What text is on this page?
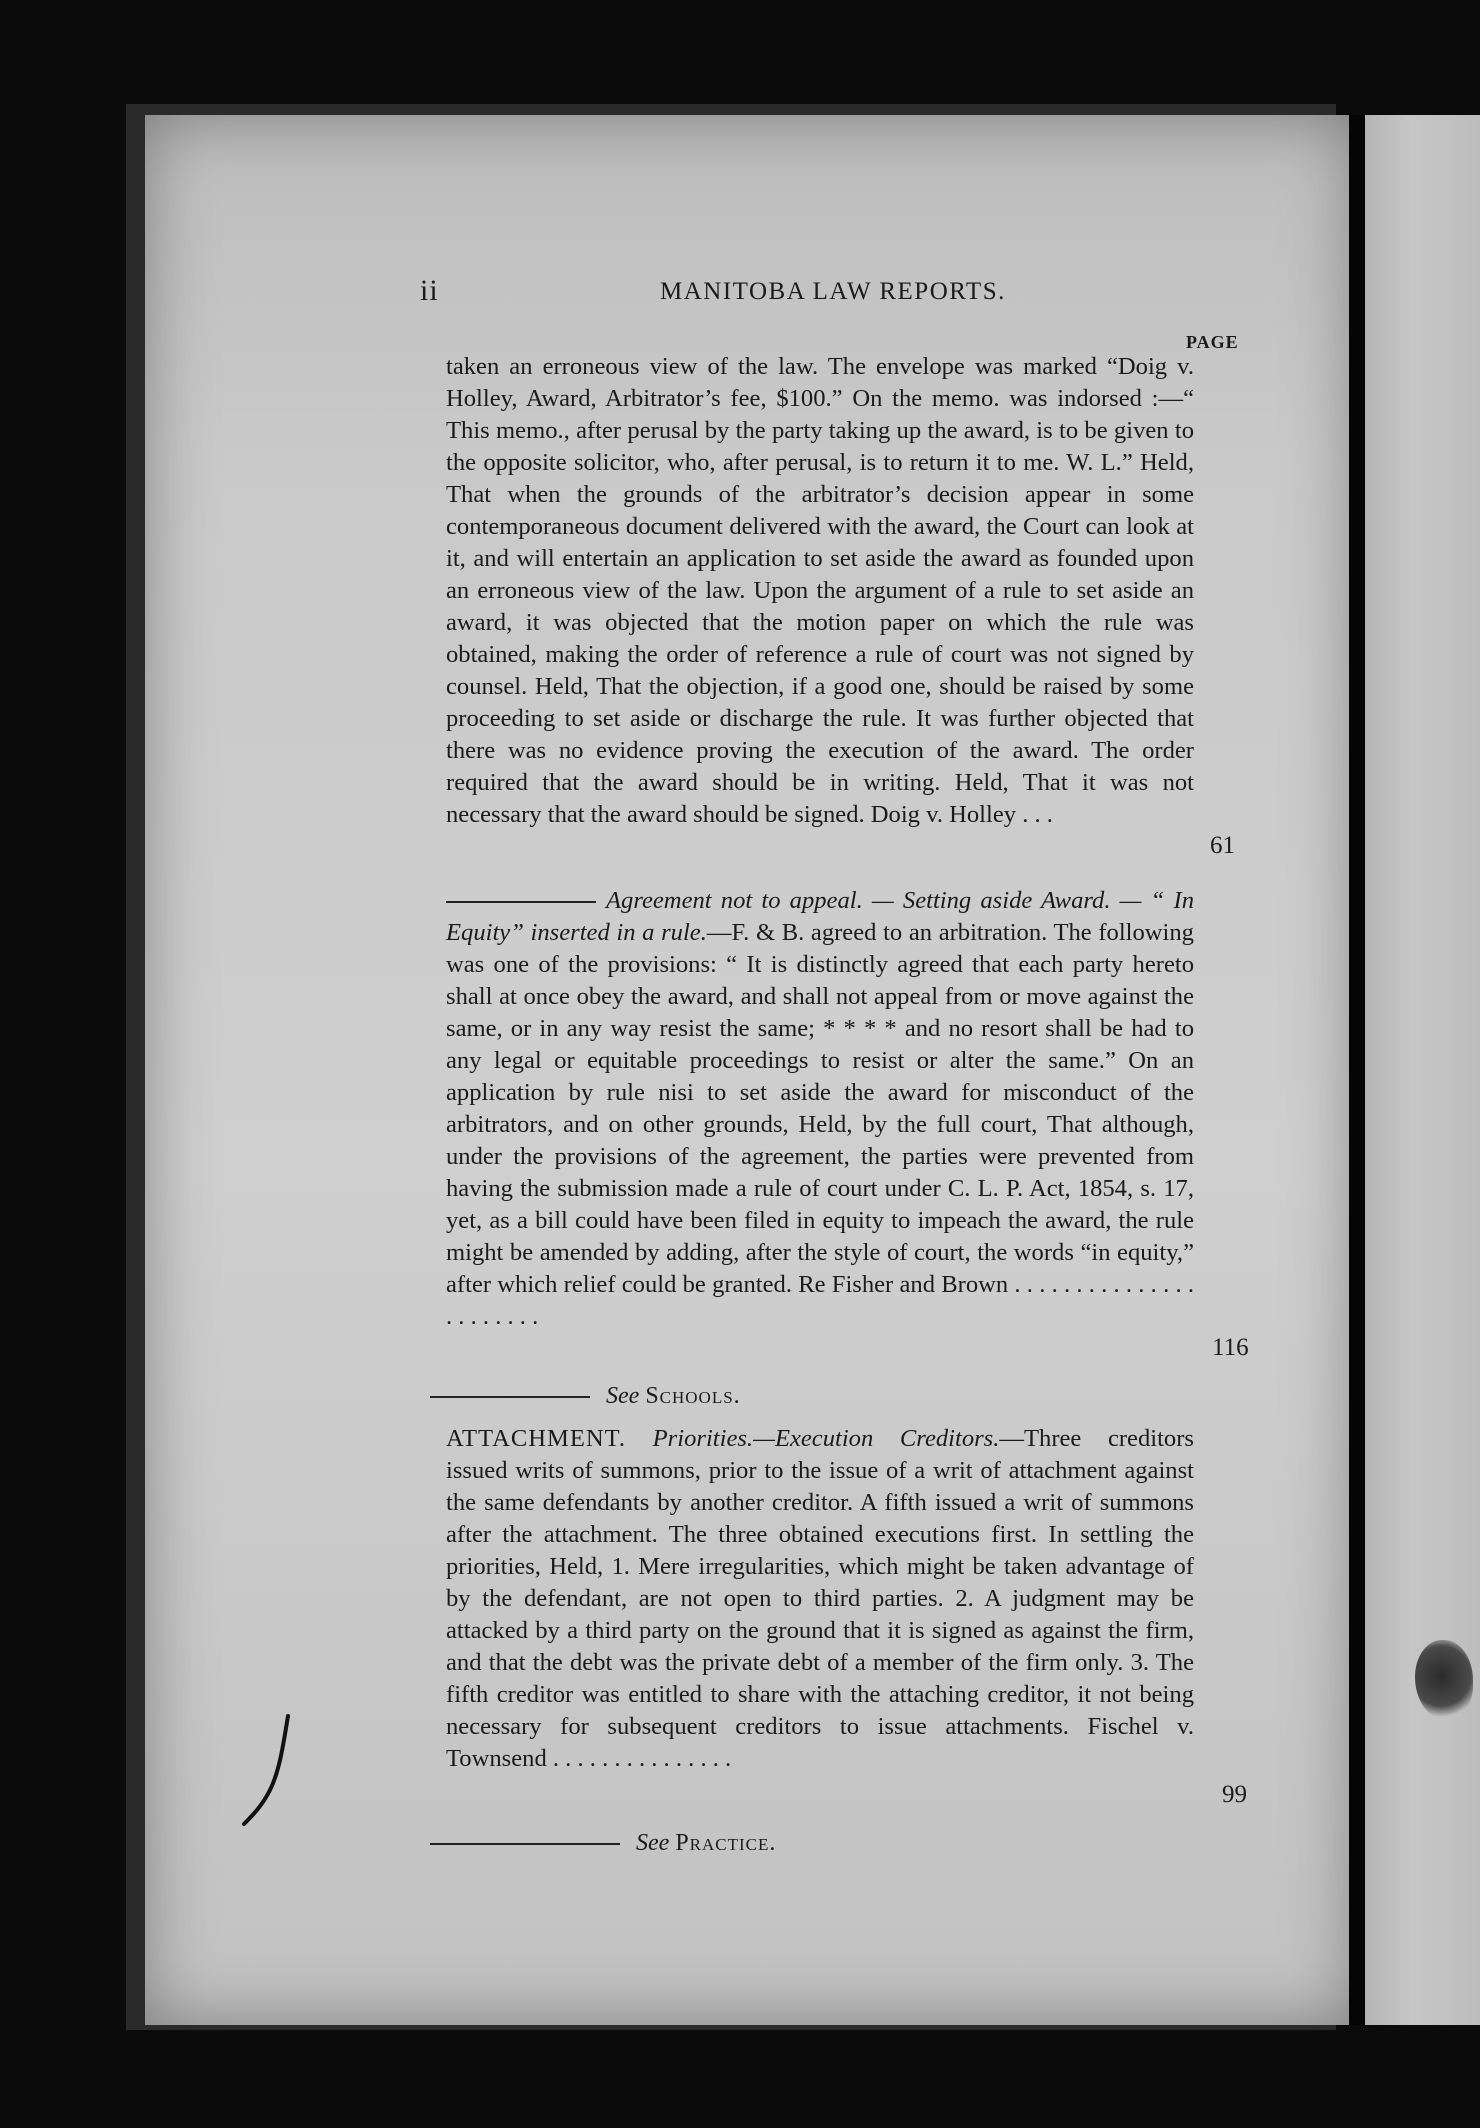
ii	MANITOBA LAW REPORTS.
PAGE

taken an erroneous view of the law. The envelope was marked “Doig v. Holley, Award, Arbitrator’s fee, $100.” On the memo. was indorsed :—“ This memo., after perusal by the party taking up the award, is to be given to the opposite solicitor, who, after perusal, is to return it to me. W. L.” Held, That when the grounds of the arbitrator’s decision appear in some contemporaneous document delivered with the award, the Court can look at it, and will entertain an application to set aside the award as founded upon an erroneous view of the law. Upon the argument of a rule to set aside an award, it was objected that the motion paper on which the rule was obtained, making the order of reference a rule of court was not signed by counsel. Held, That the objection, if a good one, should be raised by some proceeding to set aside or discharge the rule. It was further objected that there was no evidence proving the execution of the award. The order required that the award should be in writing. Held, That it was not necessary that the award should be signed. Doig v. Holley . . .

61

Agreement not to appeal. — Setting aside Award. — “ In Equity” inserted in a rule.—F. & B. agreed to an arbitration. The following was one of the provisions: “ It is distinctly agreed that each party hereto shall at once obey the award, and shall not appeal from or move against the same, or in any way resist the same; * * * * and no resort shall be had to any legal or equitable proceedings to resist or alter the same.” On an application by rule nisi to set aside the award for misconduct of the arbitrators, and on other grounds, Held, by the full court, That although, under the provisions of the agreement, the parties were prevented from having the submission made a rule of court under C. L. P. Act, 1854, s. 17, yet, as a bill could have been filed in equity to impeach the award, the rule might be amended by adding, after the style of court, the words “in equity,” after which relief could be granted. Re Fisher and Brown . . . . . . . . . . . . . . . . . . . . . . .

116
See Schools.

ATTACHMENT. Priorities.—Execution Creditors.—Three creditors issued writs of summons, prior to the issue of a writ of attachment against the same defendants by another creditor. A fifth issued a writ of summons after the attachment. The three obtained executions first. In settling the priorities, Held, 1. Mere irregularities, which might be taken advantage of by the defendant, are not open to third parties. 2. A judgment may be attacked by a third party on the ground that it is signed as against the firm, and that the debt was the private debt of a member of the firm only. 3. The fifth creditor was entitled to share with the attaching creditor, it not being necessary for subsequent creditors to issue attachments. Fischel v. Townsend . . . . . . . . . . . . . . .

99
See Practice.
